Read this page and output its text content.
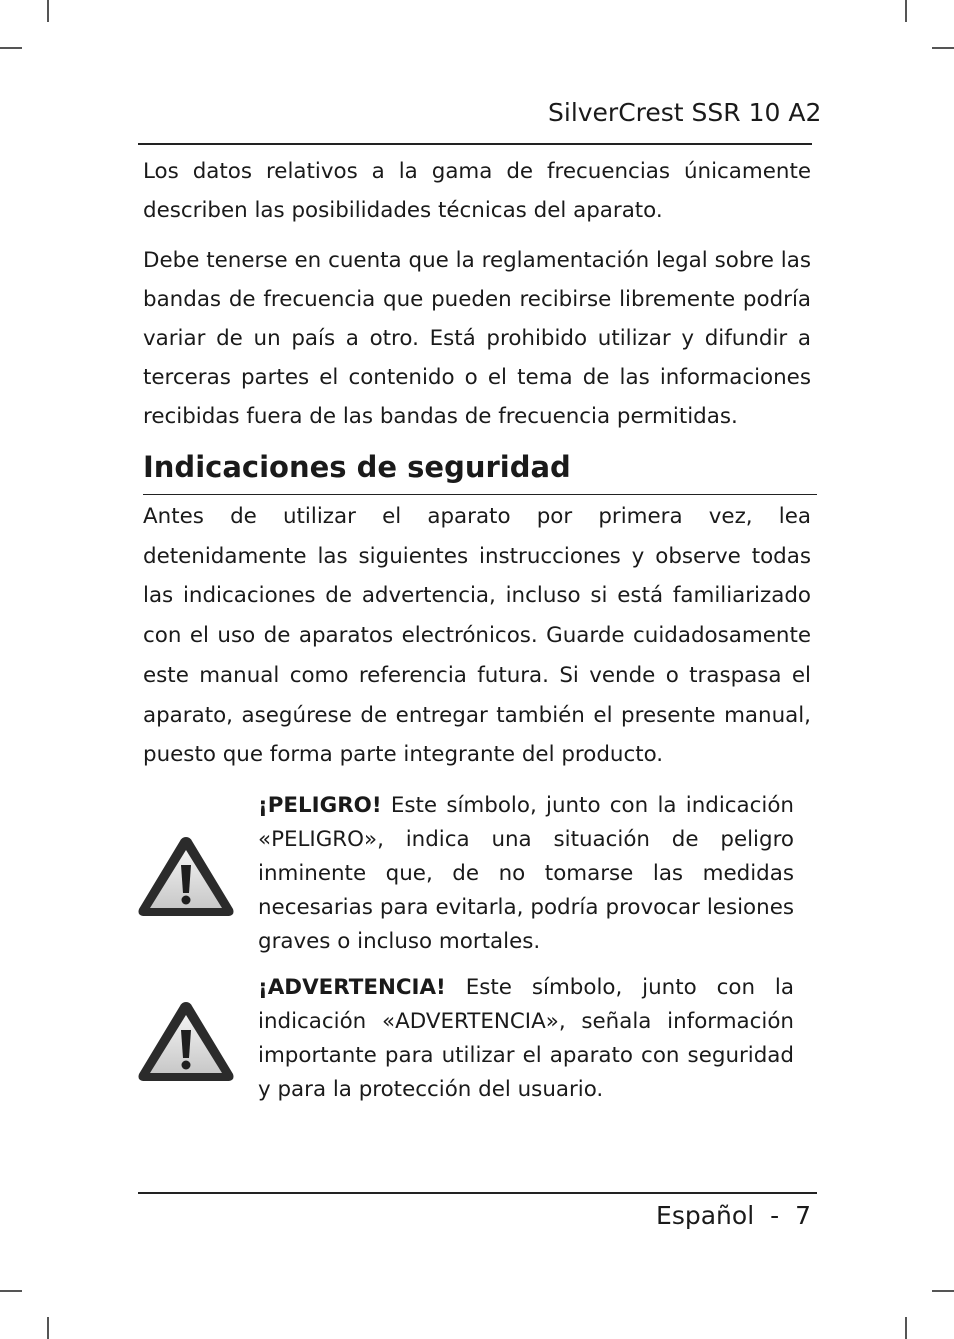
SilverCrest SSR 10 A2

Los datos relativos a la gama de frecuencias únicamente describen las posibilidades técnicas del aparato.

Debe tenerse en cuenta que la reglamentación legal sobre las bandas de frecuencia que pueden recibirse libremente podría variar de un país a otro. Está prohibido utilizar y difundir a terceras partes el contenido o el tema de las informaciones recibidas fuera de las bandas de frecuencia permitidas.

Indicaciones de seguridad

Antes de utilizar el aparato por primera vez, lea detenidamente las siguientes instrucciones y observe todas las indicaciones de advertencia, incluso si está familiarizado con el uso de aparatos electrónicos. Guarde cuidadosamente este manual como referencia futura. Si vende o traspasa el aparato, asegúrese de entregar también el presente manual, puesto que forma parte integrante del producto.

¡PELIGRO! Este símbolo, junto con la indicación «PELIGRO», indica una situación de peligro inminente que, de no tomarse las medidas necesarias para evitarla, podría provocar lesiones graves o incluso mortales.

¡ADVERTENCIA! Este símbolo, junto con la indicación «ADVERTENCIA», señala información importante para utilizar el aparato con seguridad y para la protección del usuario.

Español - 7
